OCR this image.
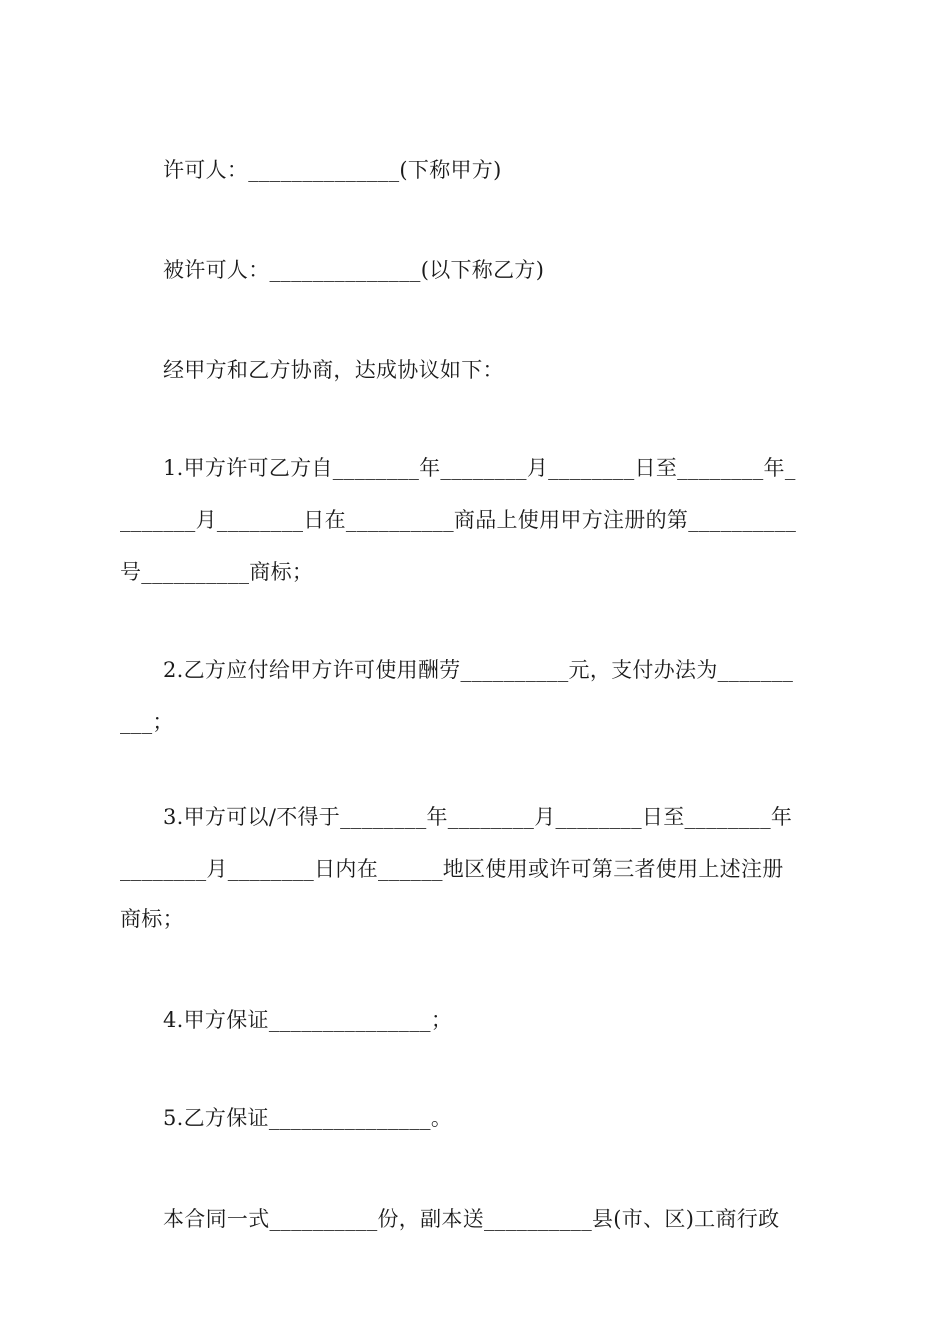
许可人：______________(下称甲方)
被许可人：______________(以下称乙方)
经甲方和乙方协商，达成协议如下：
1.甲方许可乙方自________年________月________日至________年_
_______月________日在__________商品上使用甲方注册的第__________
号__________商标；
2.乙方应付给甲方许可使用酬劳__________元，支付办法为_______
___；
3.甲方可以/不得于________年________月________日至________年
________月________日内在______地区使用或许可第三者使用上述注册
商标；
4.甲方保证_______________；
5.乙方保证_______________。
本合同一式__________份，副本送__________县(市、区)工商行政
